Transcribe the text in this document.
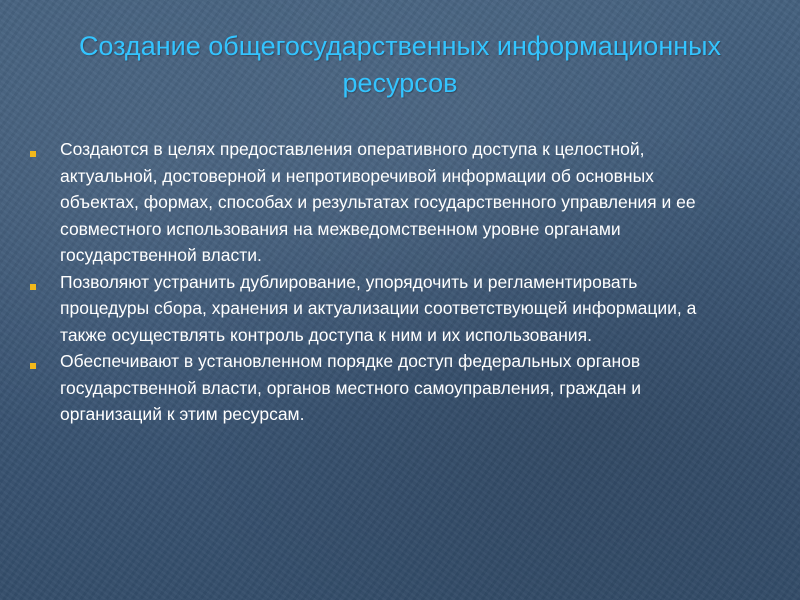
Создание общегосударственных информационных ресурсов
Создаются в целях предоставления оперативного доступа к целостной, актуальной, достоверной и непротиворечивой информации об основных объектах, формах, способах и результатах государственного управления и ее совместного использования на межведомственном уровне органами государственной власти.
Позволяют устранить дублирование, упорядочить и регламентировать процедуры сбора, хранения и актуализации соответствующей информации, а также осуществлять контроль доступа к ним и их использования.
Обеспечивают в установленном порядке доступ федеральных органов государственной власти, органов местного самоуправления, граждан и организаций к этим ресурсам.
